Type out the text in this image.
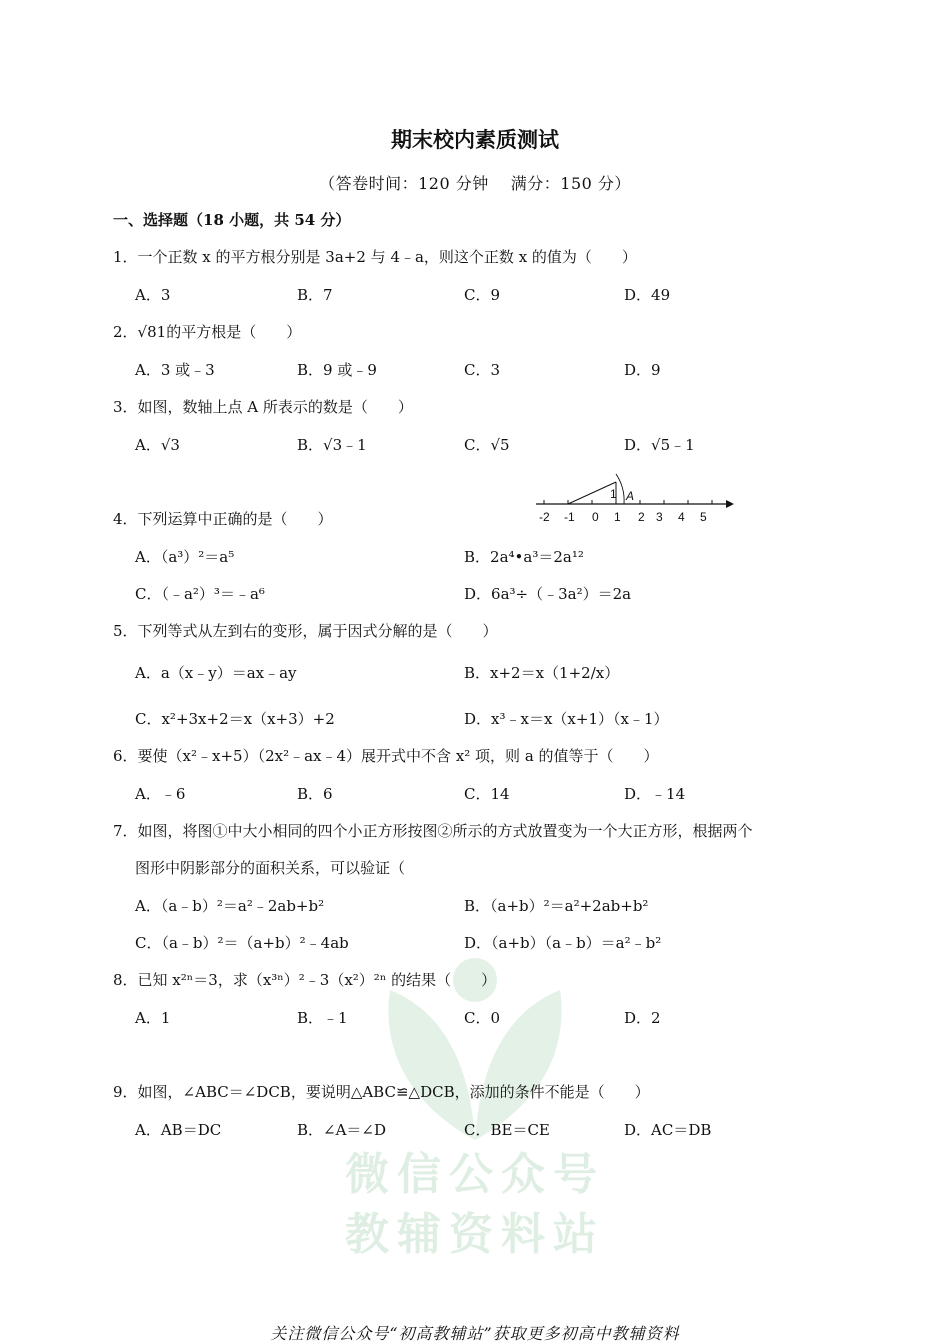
微信公众号
教辅资料站
期末校内素质测试
（答卷时间：120 分钟　 满分：150 分）
一、选择题（18 小题，共 54 分）
1．一个正数 x 的平方根分别是 3a+2 与 4﹣a，则这个正数 x 的值为（　　）
A．3	B．7	C．9	D．49
2．√81的平方根是（　　）
A．3 或﹣3	B．9 或﹣9	C．3	D．9
3．如图，数轴上点 A 所表示的数是（　　）
A．√3	B．√3﹣1	C．√5	D．√5﹣1
1 A
-2 -1 0 1 2 3 4 5
4．下列运算中正确的是（　　）
A．（a³）²＝a⁵	B．2a⁴•a³＝2a¹²
C．（﹣a²）³＝﹣a⁶	D．6a³÷（﹣3a²）＝2a
5．下列等式从左到右的变形，属于因式分解的是（　　）
A．a（x﹣y）＝ax﹣ay	B．x+2＝x（1+2/x）
C．x²+3x+2＝x（x+3）+2	D．x³﹣x＝x（x+1）（x﹣1）
6．要使（x²﹣x+5）（2x²﹣ax﹣4）展开式中不含 x² 项，则 a 的值等于（　　）
A．﹣6	B．6	C．14	D．﹣14
7．如图，将图①中大小相同的四个小正方形按图②所示的方式放置变为一个大正方形，根据两个
图形中阴影部分的面积关系，可以验证（
A．（a﹣b）²＝a²﹣2ab+b²	B．（a+b）²＝a²+2ab+b²
C．（a﹣b）²＝（a+b）²﹣4ab	D．（a+b）（a﹣b）＝a²﹣b²
8．已知 x²ⁿ＝3，求（x³ⁿ）²﹣3（x²）²ⁿ 的结果（　　）
A．1	B．﹣1	C．0	D．2
9．如图，∠ABC＝∠DCB，要说明△ABC≌△DCB，添加的条件不能是（　　）
A．AB＝DC	B．∠A＝∠D	C．BE＝CE	D．AC＝DB
关注微信公众号“初高教辅站”获取更多初高中教辅资料
